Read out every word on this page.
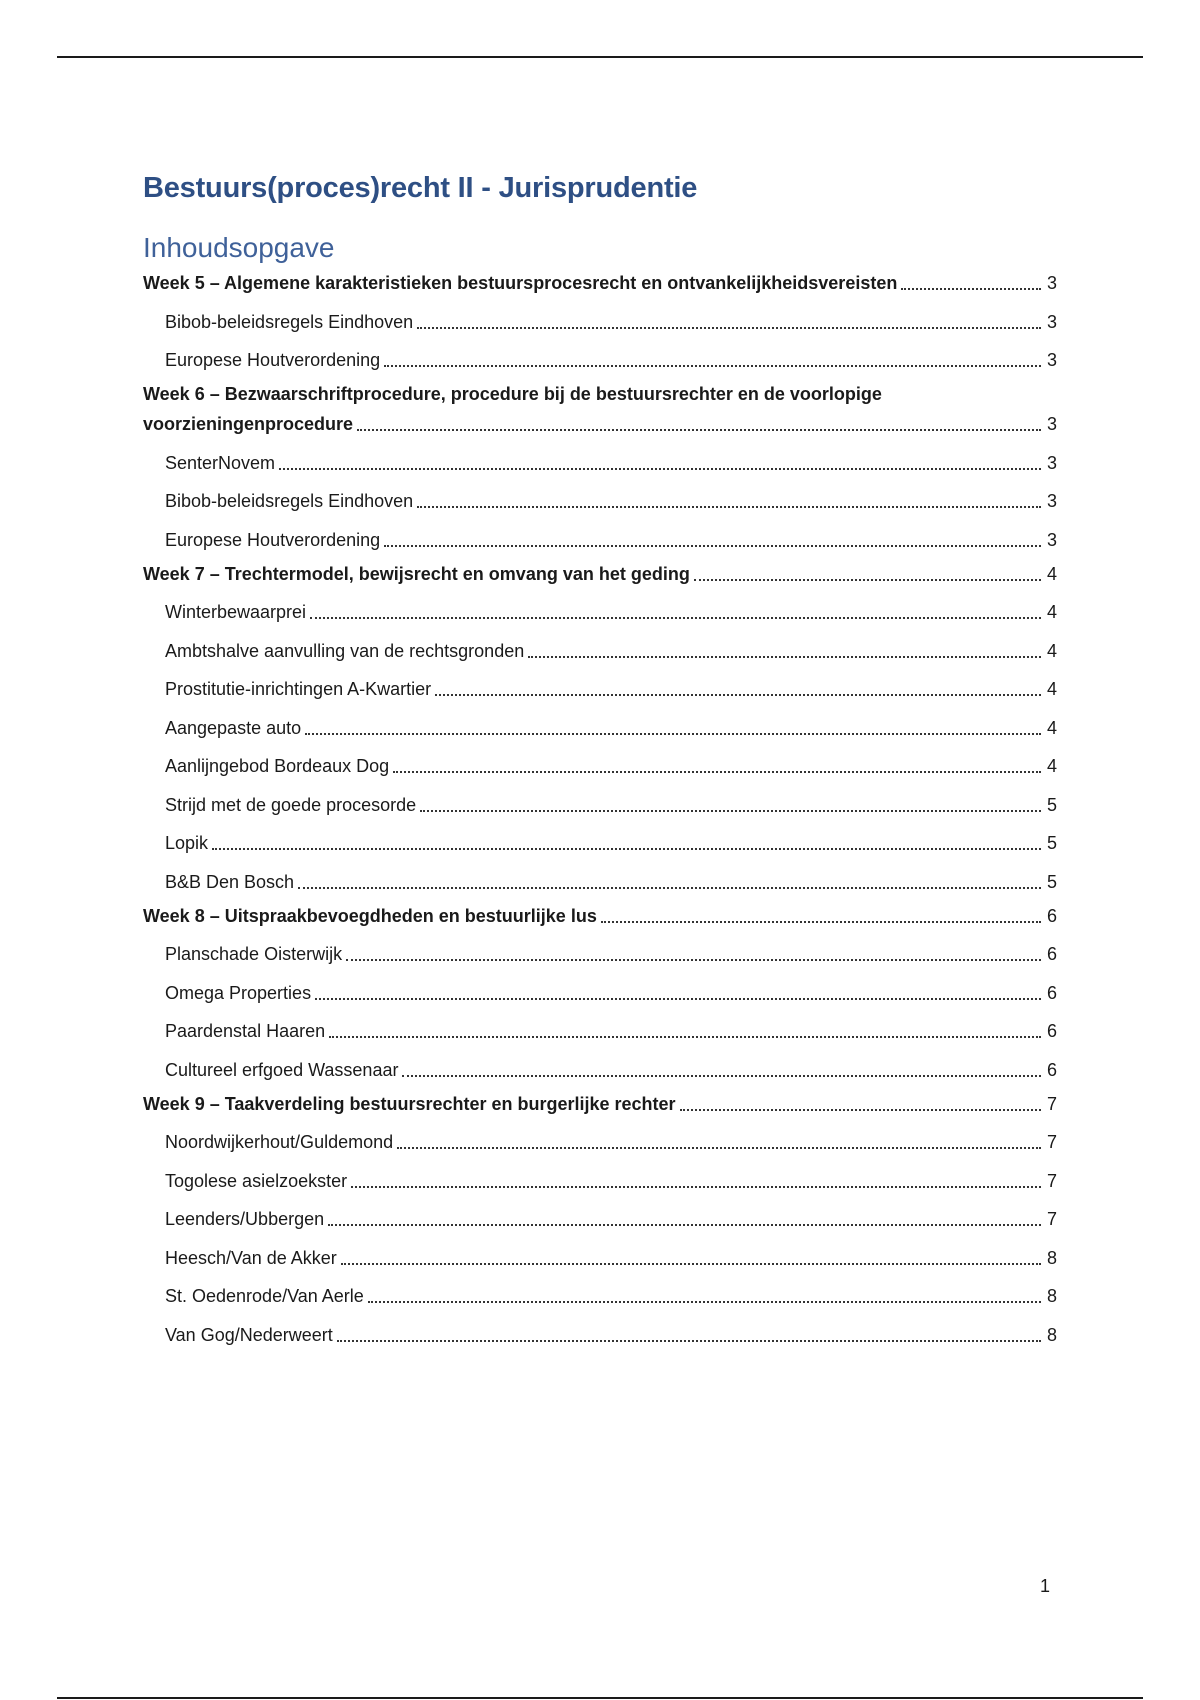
Bestuurs(proces)recht II - Jurisprudentie
Inhoudsopgave
Week 5 – Algemene karakteristieken bestuursprocesrecht en ontvankelijkheidsvereisten	3
Bibob-beleidsregels Eindhoven	3
Europese Houtverordening	3
Week 6 – Bezwaarschriftprocedure, procedure bij de bestuursrechter en de voorlopige
voorzieningenprocedure	3
SenterNovem	3
Bibob-beleidsregels Eindhoven	3
Europese Houtverordening	3
Week 7 – Trechtermodel, bewijsrecht en omvang van het geding	4
Winterbewaarprei	4
Ambtshalve aanvulling van de rechtsgronden	4
Prostitutie-inrichtingen A-Kwartier	4
Aangepaste auto	4
Aanlijngebod Bordeaux Dog	4
Strijd met de goede procesorde	5
Lopik	5
B&B Den Bosch	5
Week 8 – Uitspraakbevoegdheden en bestuurlijke lus	6
Planschade Oisterwijk	6
Omega Properties	6
Paardenstal Haaren	6
Cultureel erfgoed Wassenaar	6
Week 9 – Taakverdeling bestuursrechter en burgerlijke rechter	7
Noordwijkerhout/Guldemond	7
Togolese asielzoekster	7
Leenders/Ubbergen	7
Heesch/Van de Akker	8
St. Oedenrode/Van Aerle	8
Van Gog/Nederweert	8
1
